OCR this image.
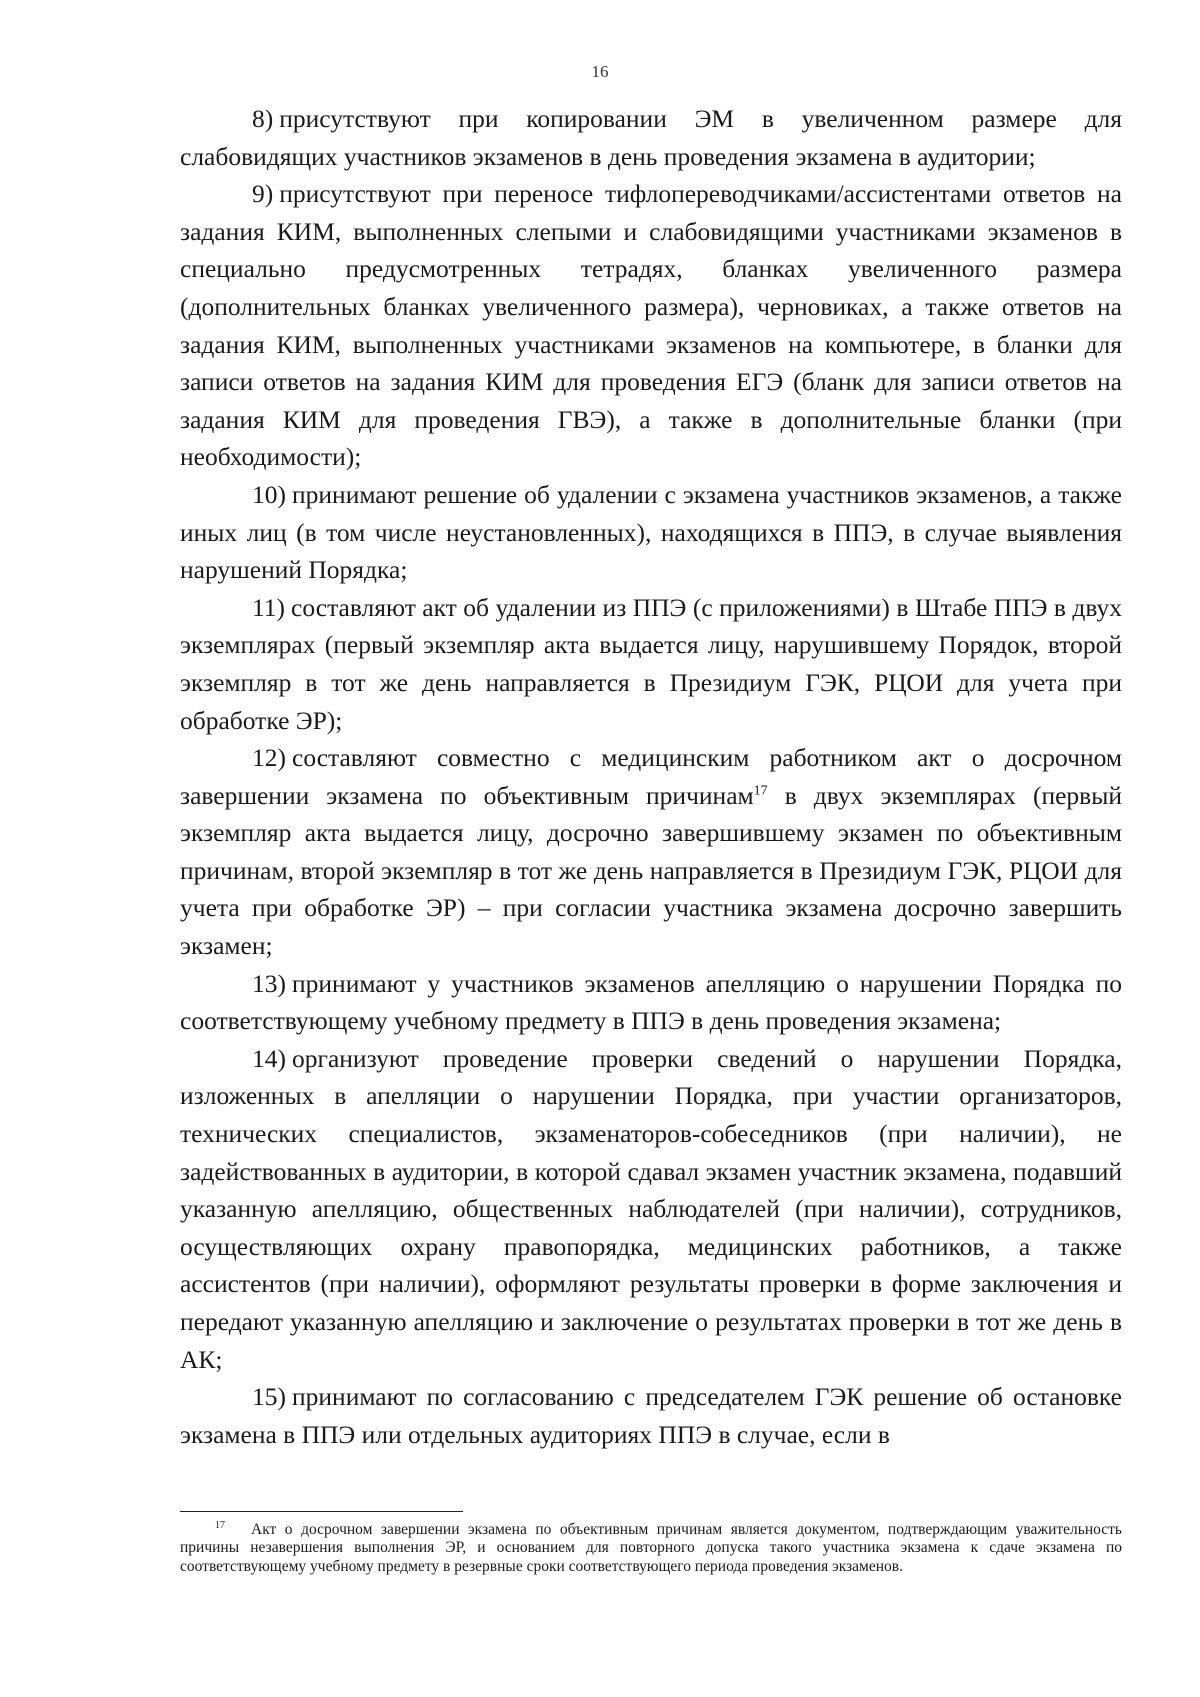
16

8) присутствуют при копировании ЭМ в увеличенном размере для слабовидящих участников экзаменов в день проведения экзамена в аудитории;

9) присутствуют при переносе тифлопереводчиками/ассистентами ответов на задания КИМ, выполненных слепыми и слабовидящими участниками экзаменов в специально предусмотренных тетрадях, бланках увеличенного размера (дополнительных бланках увеличенного размера), черновиках, а также ответов на задания КИМ, выполненных участниками экзаменов на компьютере, в бланки для записи ответов на задания КИМ для проведения ЕГЭ (бланк для записи ответов на задания КИМ для проведения ГВЭ), а также в дополнительные бланки (при необходимости);

10) принимают решение об удалении с экзамена участников экзаменов, а также иных лиц (в том числе неустановленных), находящихся в ППЭ, в случае выявления нарушений Порядка;

11) составляют акт об удалении из ППЭ (с приложениями) в Штабе ППЭ в двух экземплярах (первый экземпляр акта выдается лицу, нарушившему Порядок, второй экземпляр в тот же день направляется в Президиум ГЭК, РЦОИ для учета при обработке ЭР);

12) составляют совместно с медицинским работником акт о досрочном завершении экзамена по объективным причинам$^{17}$ в двух экземплярах (первый экземпляр акта выдается лицу, досрочно завершившему экзамен по объективным причинам, второй экземпляр в тот же день направляется в Президиум ГЭК, РЦОИ для учета при обработке ЭР) – при согласии участника экзамена досрочно завершить экзамен;

13) принимают у участников экзаменов апелляцию о нарушении Порядка по соответствующему учебному предмету в ППЭ в день проведения экзамена;

14) организуют проведение проверки сведений о нарушении Порядка, изложенных в апелляции о нарушении Порядка, при участии организаторов, технических специалистов, экзаменаторов-собеседников (при наличии), не задействованных в аудитории, в которой сдавал экзамен участник экзамена, подавший указанную апелляцию, общественных наблюдателей (при наличии), сотрудников, осуществляющих охрану правопорядка, медицинских работников, а также ассистентов (при наличии), оформляют результаты проверки в форме заключения и передают указанную апелляцию и заключение о результатах проверки в тот же день в АК;

15) принимают по согласованию с председателем ГЭК решение об остановке экзамена в ППЭ или отдельных аудиториях ППЭ в случае, если в

$^{17}$ Акт о досрочном завершении экзамена по объективным причинам является документом, подтверждающим уважительность причины незавершения выполнения ЭР, и основанием для повторного допуска такого участника экзамена к сдаче экзамена по соответствующему учебному предмету в резервные сроки соответствующего периода проведения экзаменов.
